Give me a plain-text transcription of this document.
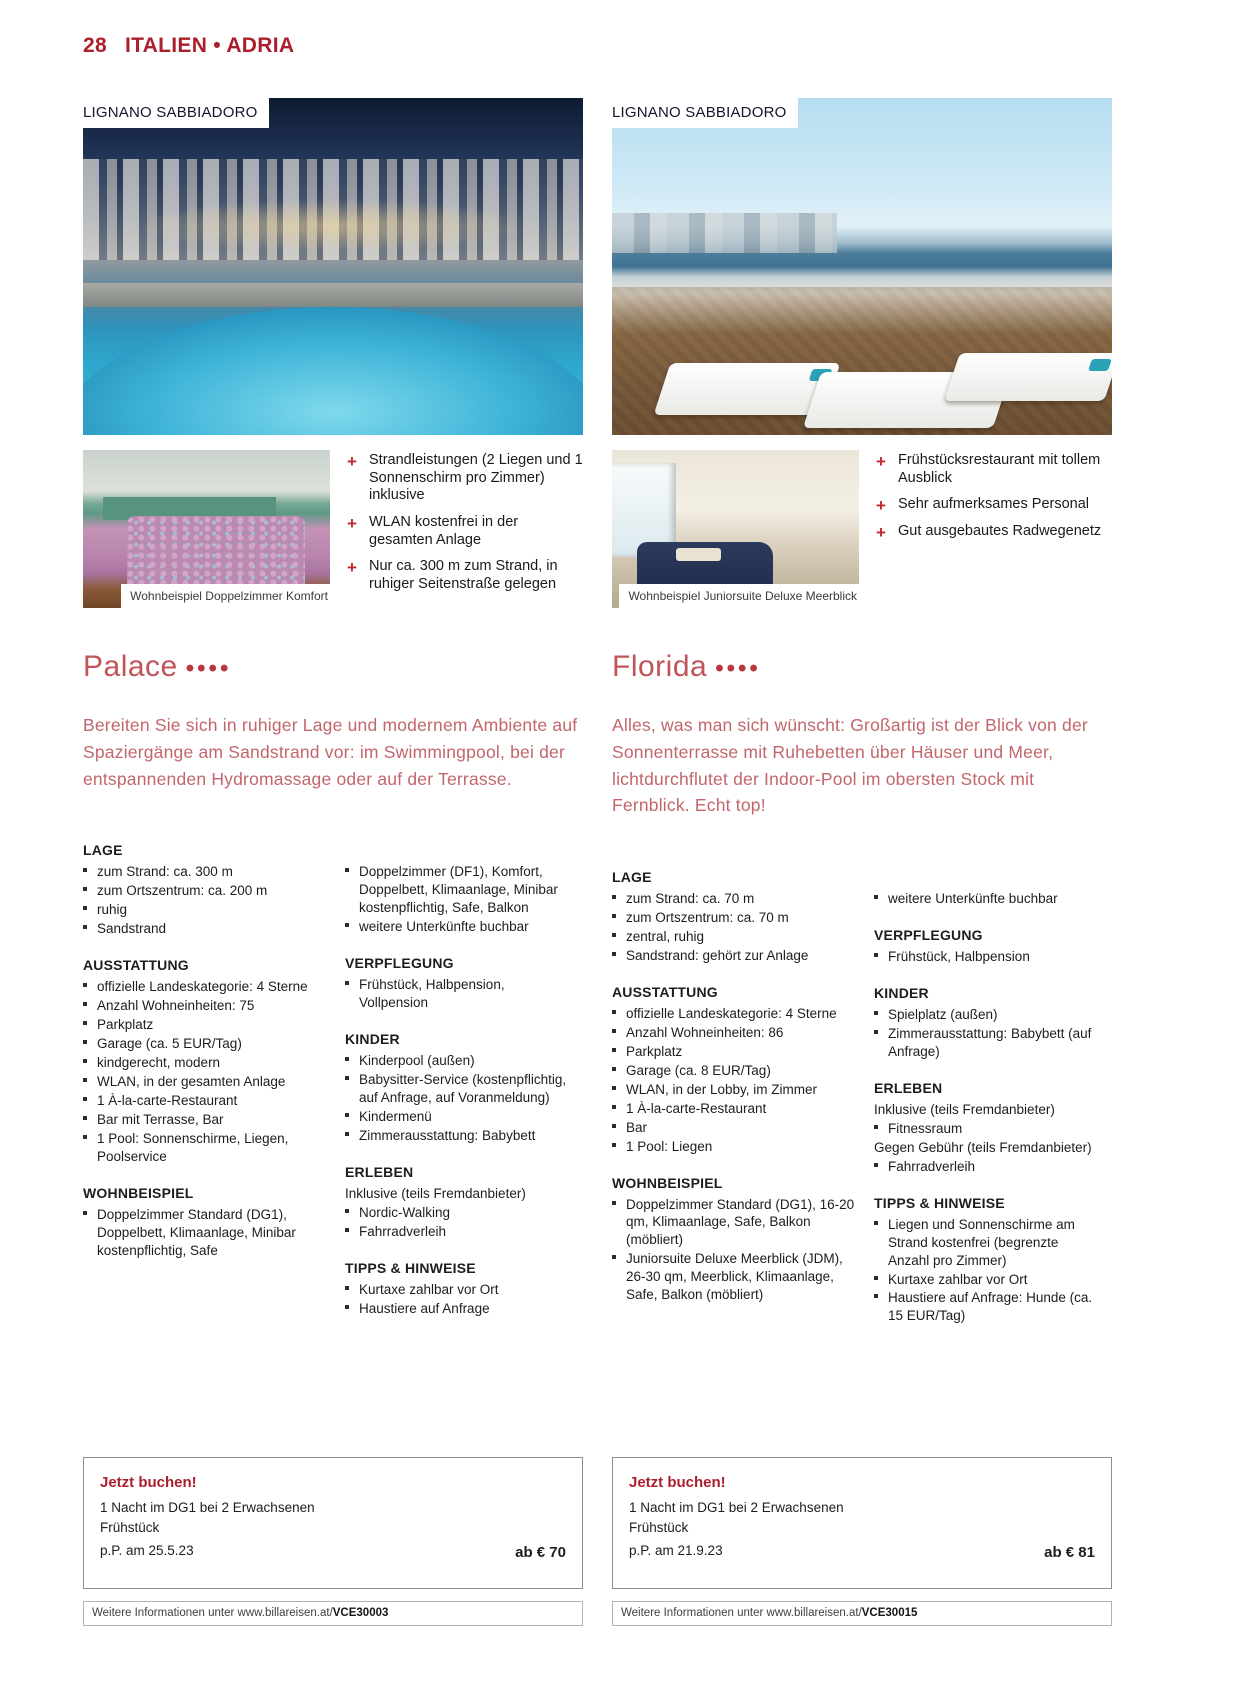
28 ITALIEN • ADRIA
LIGNANO SABBIADORO
Wohnbeispiel Doppelzimmer Komfort
+ Strandleistungen (2 Liegen und 1 Sonnenschirm pro Zimmer) inklusive
+ WLAN kostenfrei in der gesamten Anlage
+ Nur ca. 300 m zum Strand, in ruhiger Seitenstraße gelegen
Palace ••••
Bereiten Sie sich in ruhiger Lage und modernem Ambiente auf Spaziergänge am Sandstrand vor: im Swimmingpool, bei der entspannenden Hydromassage oder auf der Terrasse.
LAGE
zum Strand: ca. 300 m
zum Ortszentrum: ca. 200 m
ruhig
Sandstrand
AUSSTATTUNG
offizielle Landeskategorie: 4 Sterne
Anzahl Wohneinheiten: 75
Parkplatz
Garage (ca. 5 EUR/Tag)
kindgerecht, modern
WLAN, in der gesamten Anlage
1 À-la-carte-Restaurant
Bar mit Terrasse, Bar
1 Pool: Sonnenschirme, Liegen, Poolservice
WOHNBEISPIEL
Doppelzimmer Standard (DG1), Doppelbett, Klimaanlage, Minibar kostenpflichtig, Safe
Doppelzimmer (DF1), Komfort, Doppelbett, Klimaanlage, Minibar kostenpflichtig, Safe, Balkon
weitere Unterkünfte buchbar
VERPFLEGUNG
Frühstück, Halbpension, Vollpension
KINDER
Kinderpool (außen)
Babysitter-Service (kostenpflichtig, auf Anfrage, auf Voranmeldung)
Kindermenü
Zimmerausstattung: Babybett
ERLEBEN
Inklusive (teils Fremdanbieter)
Nordic-Walking
Fahrradverleih
TIPPS & HINWEISE
Kurtaxe zahlbar vor Ort
Haustiere auf Anfrage
Jetzt buchen!
1 Nacht im DG1 bei 2 Erwachsenen
Frühstück
p.P. am 25.5.23	ab € 70
Weitere Informationen unter www.billareisen.at/VCE30003
LIGNANO SABBIADORO
Wohnbeispiel Juniorsuite Deluxe Meerblick
+ Frühstücksrestaurant mit tollem Ausblick
+ Sehr aufmerksames Personal
+ Gut ausgebautes Radwegenetz
Florida ••••
Alles, was man sich wünscht: Großartig ist der Blick von der Sonnenterrasse mit Ruhebetten über Häuser und Meer, lichtdurchflutet der Indoor-Pool im obersten Stock mit Fernblick. Echt top!
LAGE
zum Strand: ca. 70 m
zum Ortszentrum: ca. 70 m
zentral, ruhig
Sandstrand: gehört zur Anlage
AUSSTATTUNG
offizielle Landeskategorie: 4 Sterne
Anzahl Wohneinheiten: 86
Parkplatz
Garage (ca. 8 EUR/Tag)
WLAN, in der Lobby, im Zimmer
1 À-la-carte-Restaurant
Bar
1 Pool: Liegen
WOHNBEISPIEL
Doppelzimmer Standard (DG1), 16-20 qm, Klimaanlage, Safe, Balkon (möbliert)
Juniorsuite Deluxe Meerblick (JDM), 26-30 qm, Meerblick, Klimaanlage, Safe, Balkon (möbliert)
weitere Unterkünfte buchbar
VERPFLEGUNG
Frühstück, Halbpension
KINDER
Spielplatz (außen)
Zimmerausstattung: Babybett (auf Anfrage)
ERLEBEN
Inklusive (teils Fremdanbieter)
Fitnessraum
Gegen Gebühr (teils Fremdanbieter)
Fahrradverleih
TIPPS & HINWEISE
Liegen und Sonnenschirme am Strand kostenfrei (begrenzte Anzahl pro Zimmer)
Kurtaxe zahlbar vor Ort
Haustiere auf Anfrage: Hunde (ca. 15 EUR/Tag)
Jetzt buchen!
1 Nacht im DG1 bei 2 Erwachsenen
Frühstück
p.P. am 21.9.23	ab € 81
Weitere Informationen unter www.billareisen.at/VCE30015
